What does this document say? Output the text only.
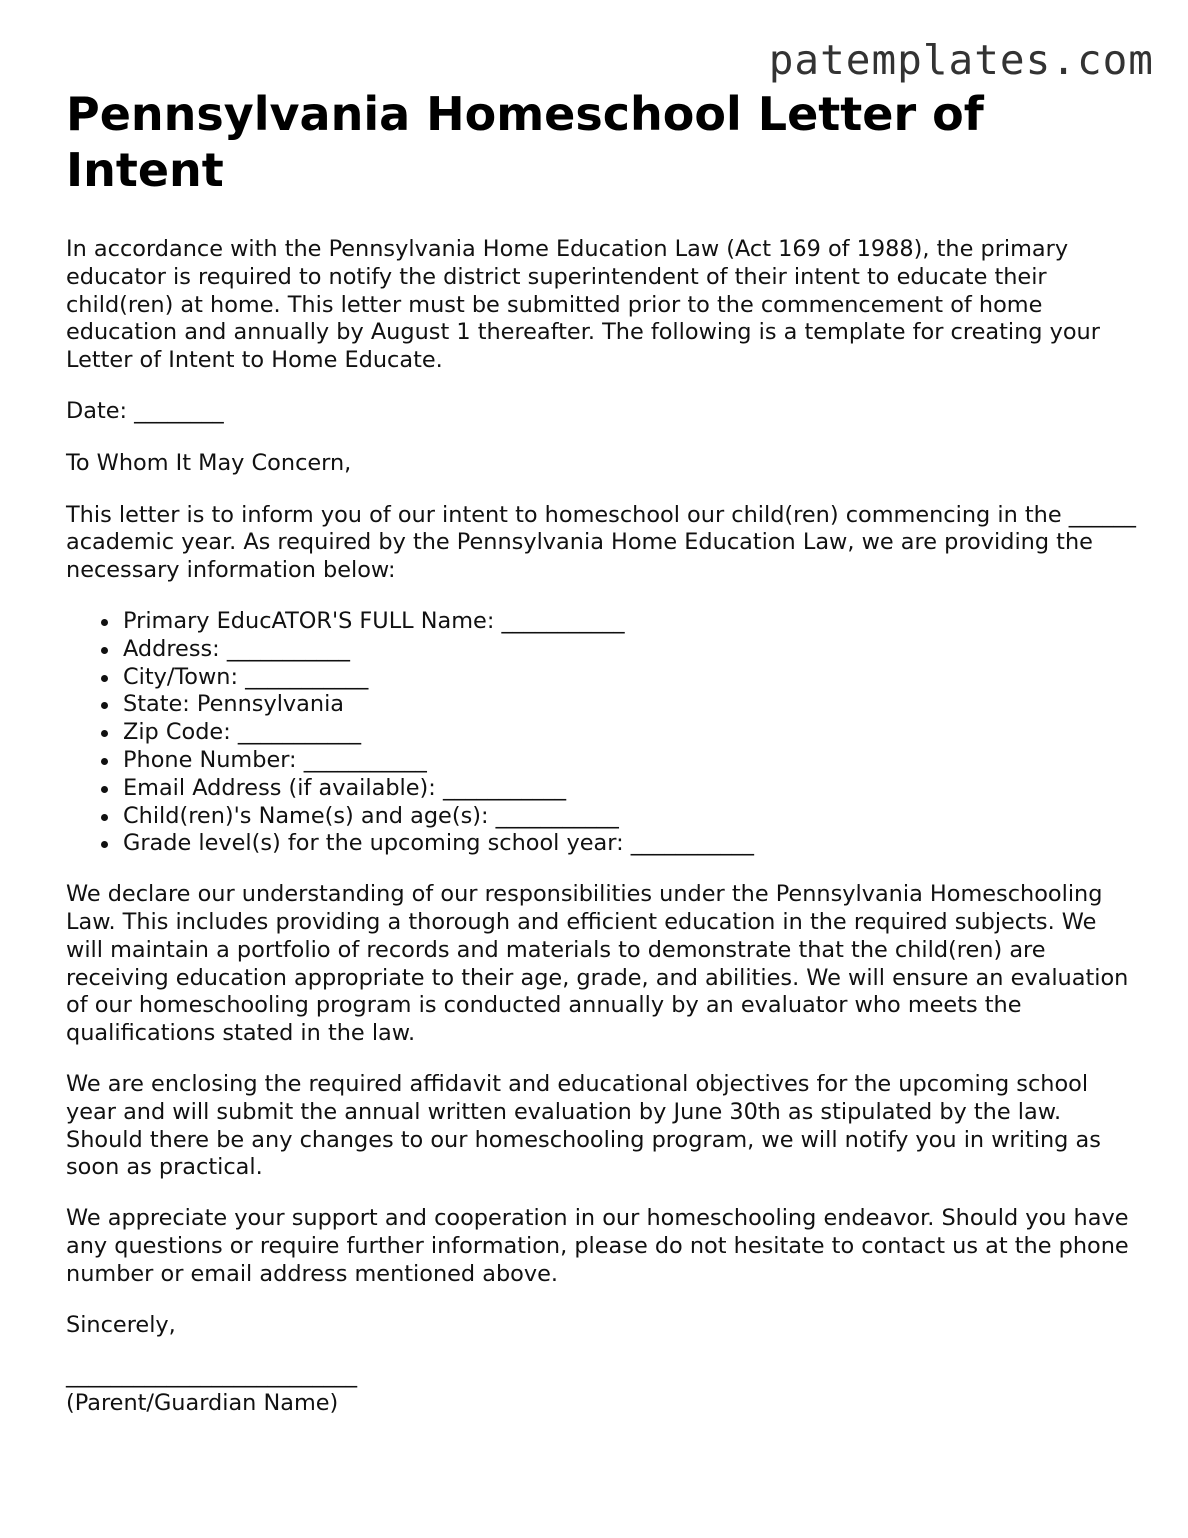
patemplates.com
Pennsylvania Homeschool Letter of Intent

In accordance with the Pennsylvania Home Education Law (Act 169 of 1988), the primary educator is required to notify the district superintendent of their intent to educate their child(ren) at home. This letter must be submitted prior to the commencement of home education and annually by August 1 thereafter. The following is a template for creating your Letter of Intent to Home Educate.

Date: ________

To Whom It May Concern,

This letter is to inform you of our intent to homeschool our child(ren) commencing in the ______ academic year. As required by the Pennsylvania Home Education Law, we are providing the necessary information below:

Primary EducATOR'S FULL Name: ___________
Address: ___________
City/Town: ___________
State: Pennsylvania
Zip Code: ___________
Phone Number: ___________
Email Address (if available): ___________
Child(ren)'s Name(s) and age(s): ___________
Grade level(s) for the upcoming school year: ___________

We declare our understanding of our responsibilities under the Pennsylvania Homeschooling Law. This includes providing a thorough and efficient education in the required subjects. We will maintain a portfolio of records and materials to demonstrate that the child(ren) are receiving education appropriate to their age, grade, and abilities. We will ensure an evaluation of our homeschooling program is conducted annually by an evaluator who meets the qualifications stated in the law.

We are enclosing the required affidavit and educational objectives for the upcoming school year and will submit the annual written evaluation by June 30th as stipulated by the law. Should there be any changes to our homeschooling program, we will notify you in writing as soon as practical.

We appreciate your support and cooperation in our homeschooling endeavor. Should you have any questions or require further information, please do not hesitate to contact us at the phone number or email address mentioned above.

Sincerely,

__________________________

(Parent/Guardian Name)
